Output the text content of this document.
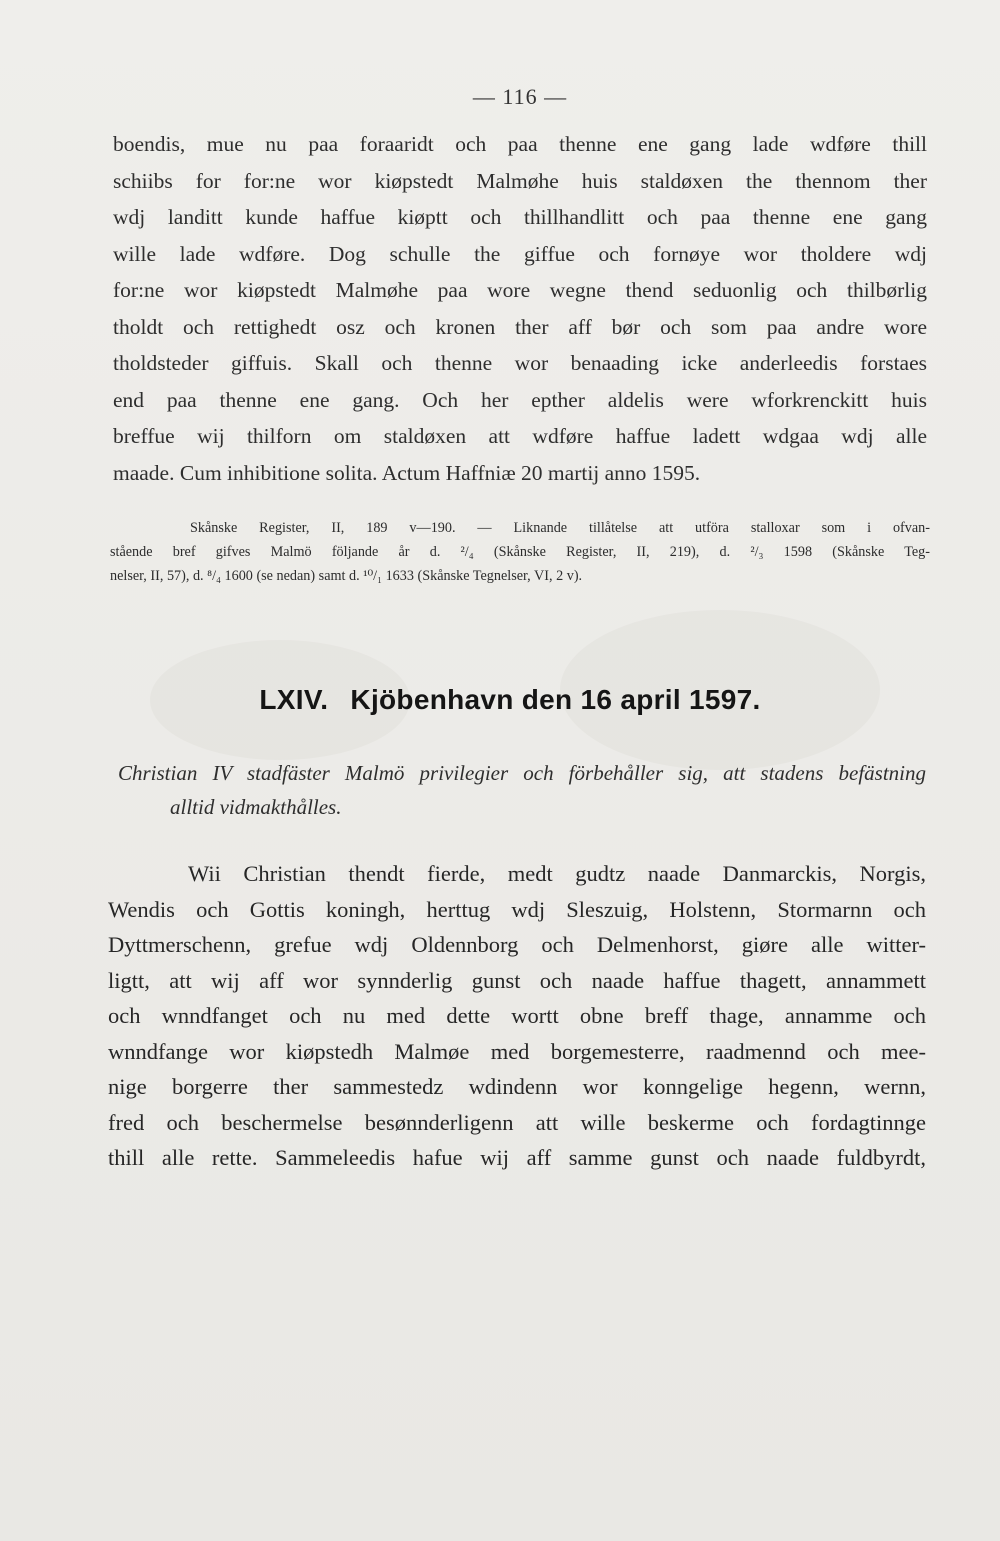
— 116 —
boendis, mue nu paa foraaridt och paa thenne ene gang lade wdføre thill
schiibs for for:ne wor kiøpstedt Malmøhe huis staldøxen the thennom ther
wdj landitt kunde haffue kiøptt och thillhandlitt och paa thenne ene gang
wille lade wdføre. Dog schulle the giffue och fornøye wor tholdere wdj
for:ne wor kiøpstedt Malmøhe paa wore wegne thend seduonlig och thilbørlig
tholdt och rettighedt osz och kronen ther aff bør och som paa andre wore
tholdsteder giffuis. Skall och thenne wor benaading icke anderleedis forstaes
end paa thenne ene gang. Och her epther aldelis were wforkrenckitt huis
breffue wij thilforn om staldøxen att wdføre haffue ladett wdgaa wdj alle
maade. Cum inhibitione solita. Actum Haffniæ 20 martij anno 1595.
Skånske Register, II, 189 v—190. — Liknande tillåtelse att utföra stalloxar som i ofvan-
stående bref gifves Malmö följande år d. ²/₄ (Skånske Register, II, 219), d. ²/₃ 1598 (Skånske Teg-
nelser, II, 57), d. ⁸/₄ 1600 (se nedan) samt d. ¹⁰/₁ 1633 (Skånske Tegnelser, VI, 2 v).
LXIV. Kjöbenhavn den 16 april 1597.
Christian IV stadfäster Malmö privilegier och förbehåller sig, att stadens befästning
alltid vidmakthålles.
Wii Christian thendt fierde, medt gudtz naade Danmarckis, Norgis,
Wendis och Gottis koningh, herttug wdj Sleszuig, Holstenn, Stormarnn och
Dyttmerschenn, grefue wdj Oldennborg och Delmenhorst, giøre alle witter-
ligtt, att wij aff wor synnderlig gunst och naade haffue thagett, annammett
och wnndfanget och nu med dette wortt obne breff thage, annamme och
wnndfange wor kiøpstedh Malmøe med borgemesterre, raadmennd och mee-
nige borgerre ther sammestedz wdindenn wor konngelige hegenn, wernn,
fred och beschermelse besønnderligenn att wille beskerme och fordagtinnge
thill alle rette. Sammeleedis hafue wij aff samme gunst och naade fuldbyrdt,
